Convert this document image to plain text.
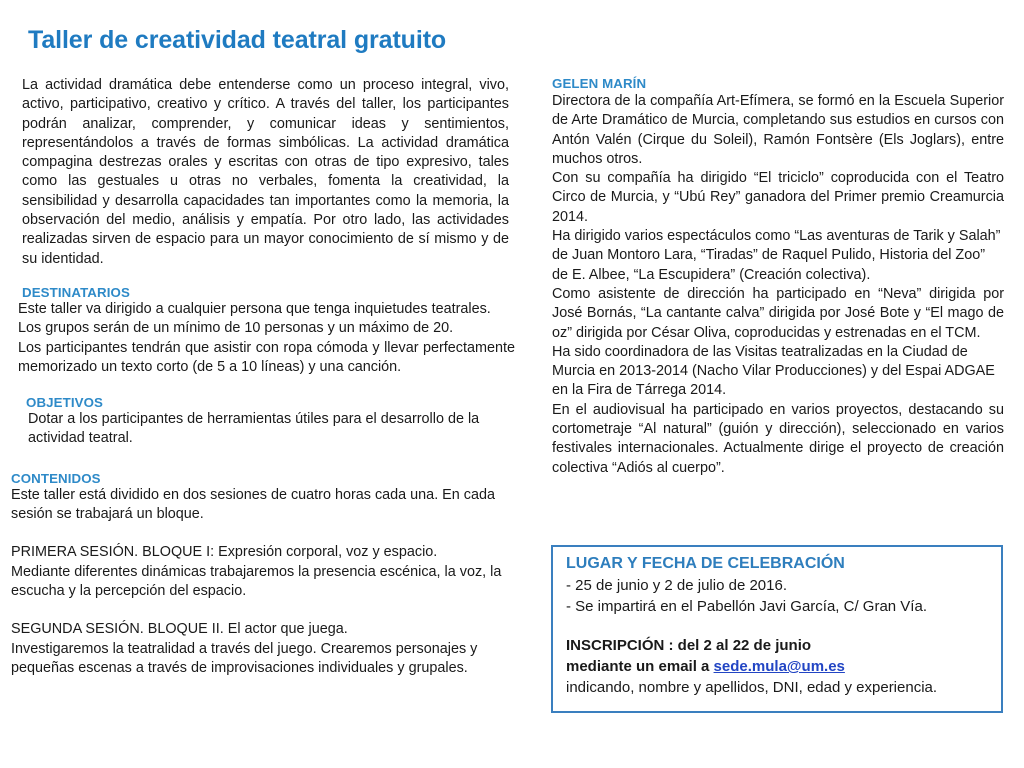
Taller de creatividad teatral gratuito

La actividad dramática debe entenderse como un proceso integral, vivo, activo, participativo, creativo y crítico. A través del taller, los participantes podrán analizar, comprender, y comunicar ideas y sentimientos, representándolos a través de formas simbólicas. La actividad dramática compagina destrezas orales y escritas con otras de tipo expresivo, tales como las gestuales u otras no verbales, fomenta la creatividad, la sensibilidad y desarrolla capacidades tan importantes como la memoria, la observación del medio, análisis y empatía. Por otro lado, las actividades realizadas sirven de espacio para un mayor conocimiento de sí mismo y de su identidad.

DESTINATARIOS

Este taller va dirigido a cualquier persona que tenga inquietudes teatrales.

Los grupos serán de un mínimo de 10 personas y un máximo de 20.

Los participantes tendrán que asistir con ropa cómoda y llevar perfectamente memorizado un texto corto (de 5 a 10 líneas) y una canción.

OBJETIVOS

Dotar a los participantes de herramientas útiles para el desarrollo de la actividad teatral.

CONTENIDOS

Este taller está dividido en dos sesiones de cuatro horas cada una. En cada sesión se trabajará un bloque.

PRIMERA SESIÓN. BLOQUE I: Expresión corporal, voz y espacio.

Mediante diferentes dinámicas trabajaremos la presencia escénica, la voz, la escucha y la percepción del espacio.

SEGUNDA SESIÓN. BLOQUE II. El actor que juega.

Investigaremos la teatralidad a través del juego. Crearemos personajes y pequeñas escenas a través de improvisaciones individuales y grupales.

GELEN MARÍN

Directora de la compañía Art-Efímera, se formó en la Escuela Superior de Arte Dramático de Murcia, completando sus estudios en cursos con Antón Valén (Cirque du Soleil), Ramón Fontsère (Els Joglars), entre muchos otros.

Con su compañía ha dirigido “El triciclo” coproducida con el Teatro Circo de Murcia, y “Ubú Rey” ganadora del Primer premio Creamurcia 2014.

Ha dirigido varios espectáculos como “Las aventuras de Tarik y Salah” de Juan Montoro Lara, “Tiradas” de Raquel Pulido, Historia del Zoo” de E. Albee, “La Escupidera” (Creación colectiva).

Como asistente de dirección ha participado en “Neva” dirigida por José Bornás, “La cantante calva” dirigida por José Bote y “El mago de oz” dirigida por César Oliva, coproducidas y estrenadas en el TCM.

Ha sido coordinadora de las Visitas teatralizadas en la Ciudad de Murcia en 2013-2014 (Nacho Vilar Producciones) y del Espai ADGAE en la Fira de Tárrega 2014.

En el audiovisual ha participado en varios proyectos, destacando su cortometraje “Al natural” (guión y dirección), seleccionado en varios festivales internacionales. Actualmente dirige el proyecto de creación colectiva “Adiós al cuerpo”.

LUGAR Y FECHA DE CELEBRACIÓN

- 25 de junio y 2 de julio de 2016.

- Se impartirá en el Pabellón Javi García, C/ Gran Vía.

INSCRIPCIÓN : del 2 al 22 de junio

mediante un email a sede.mula@um.es

indicando, nombre y apellidos, DNI, edad y experiencia.
